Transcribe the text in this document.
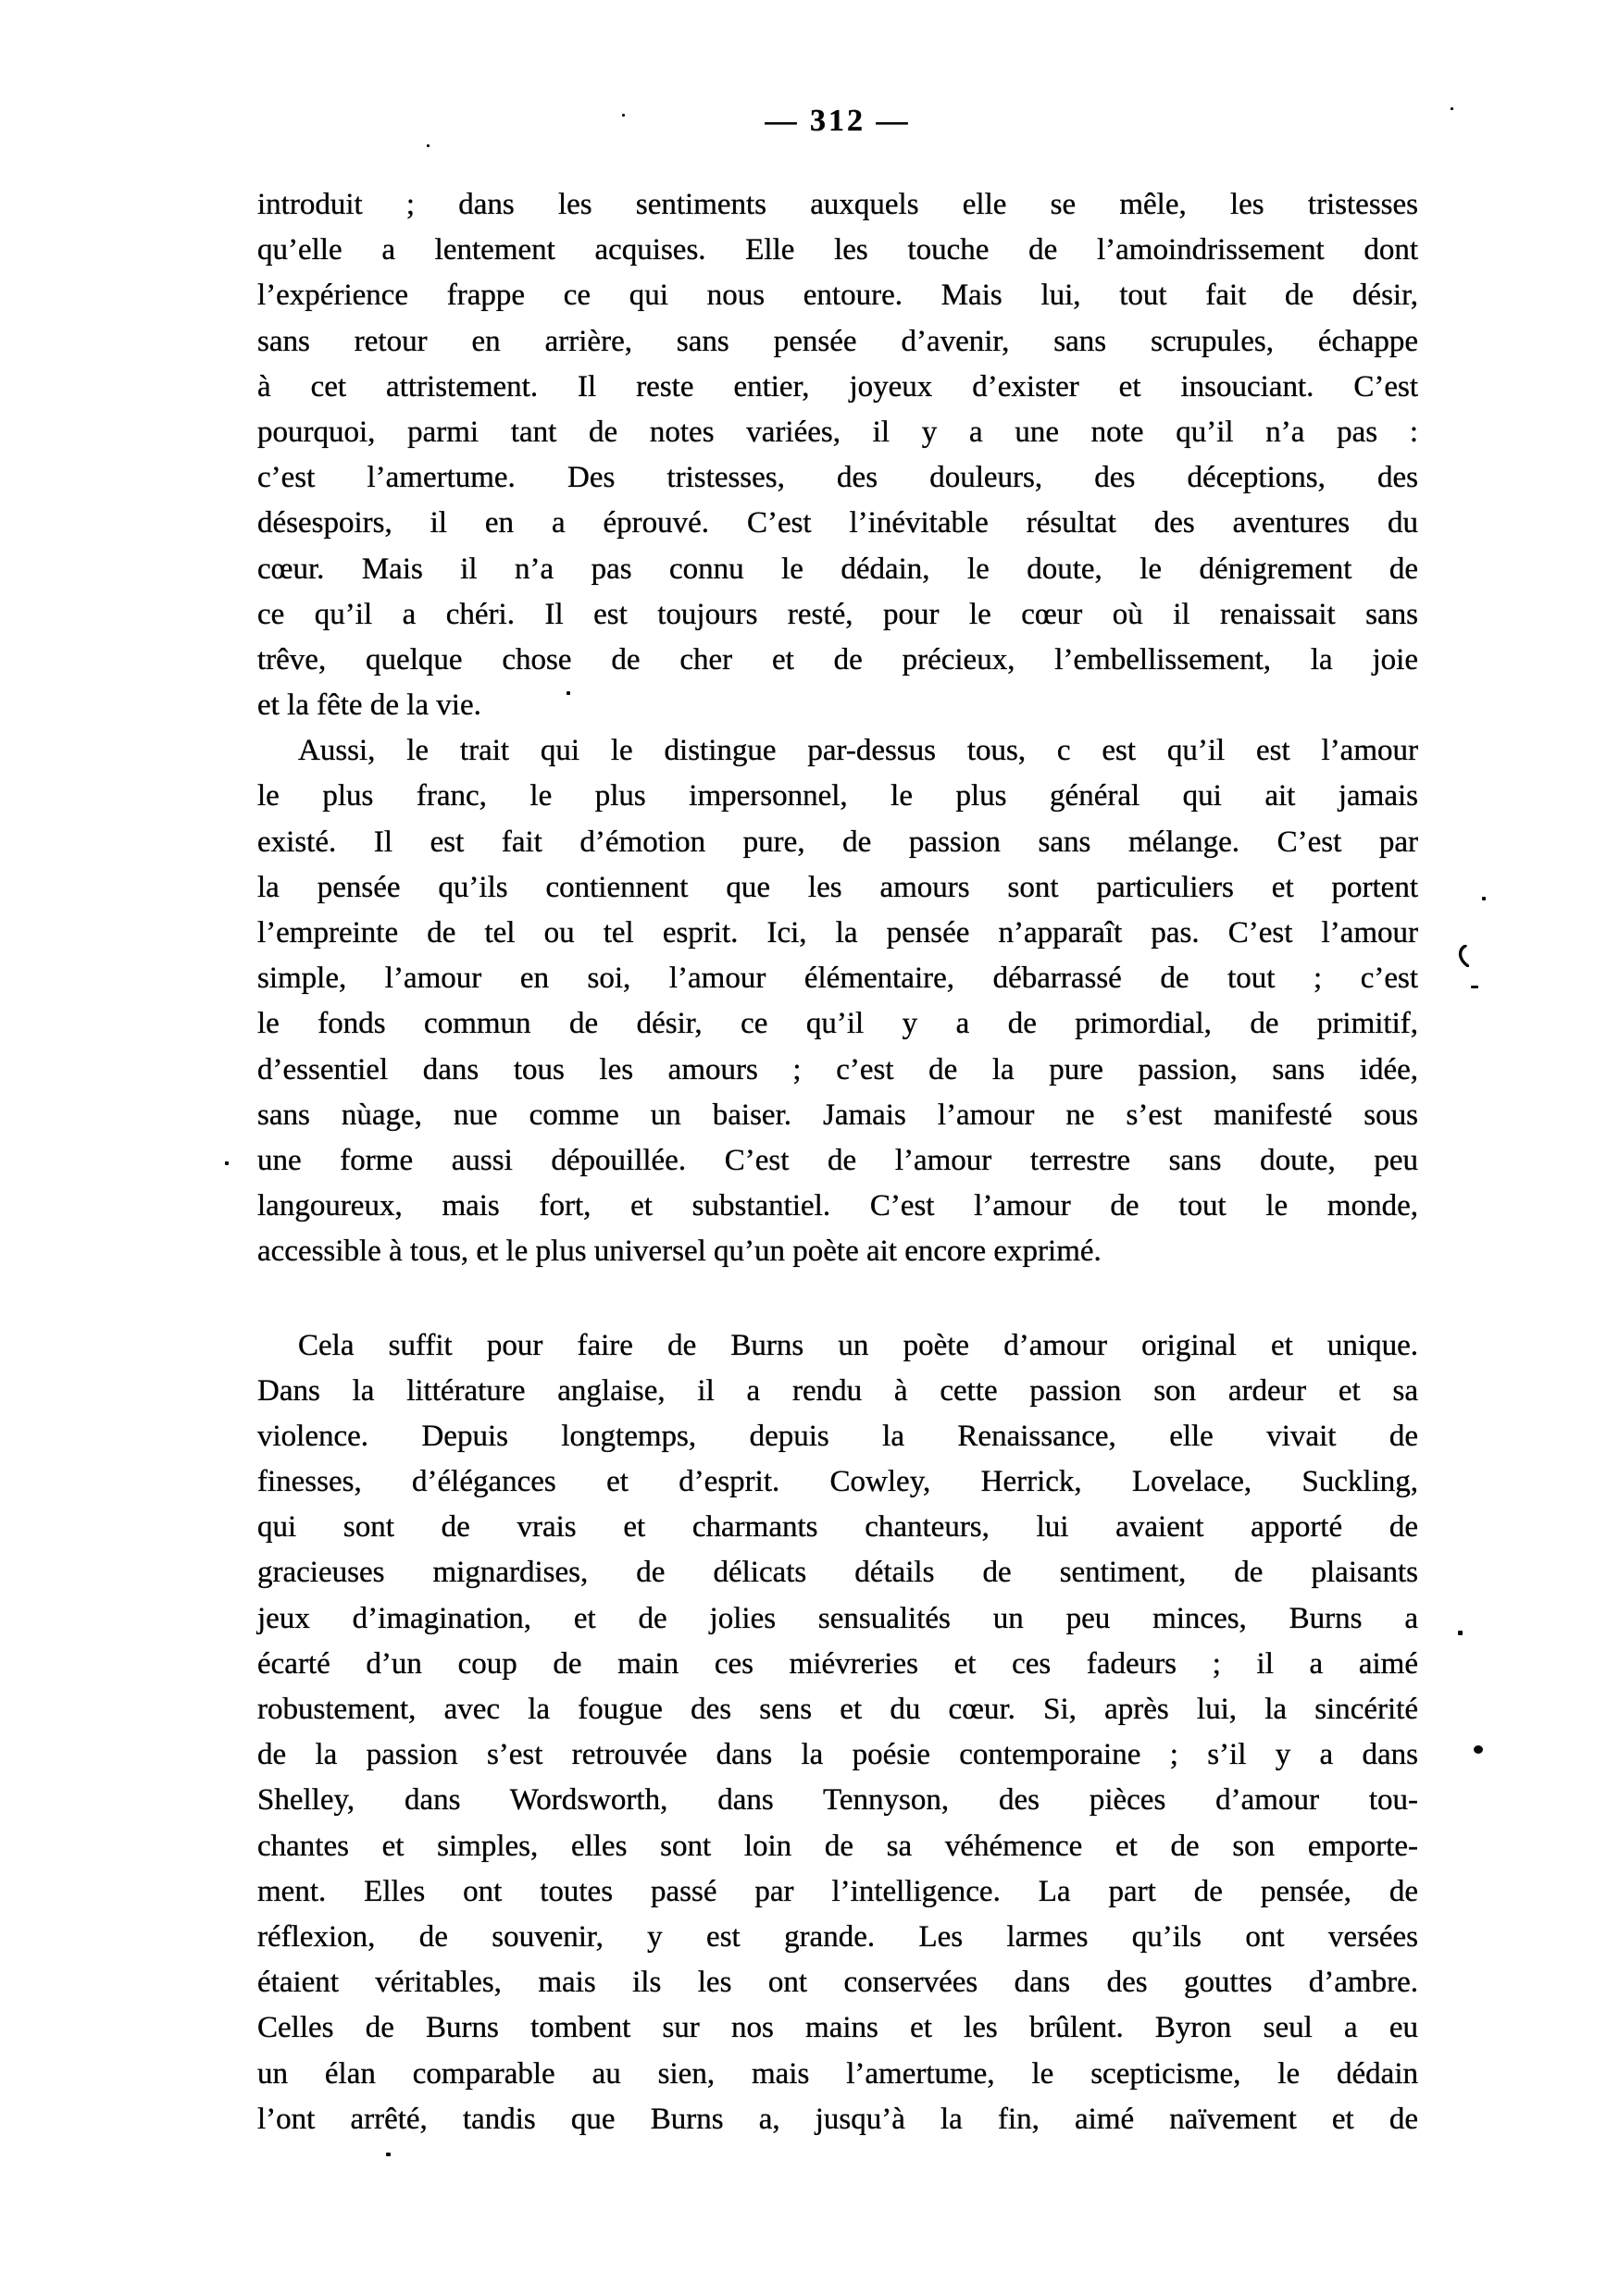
— 312 —
introduit ; dans les sentiments auxquels elle se mêle, les tristesses
qu’elle a lentement acquises. Elle les touche de l’amoindrissement dont
l’expérience frappe ce qui nous entoure. Mais lui, tout fait de désir,
sans retour en arrière, sans pensée d’avenir, sans scrupules, échappe
à cet attristement. Il reste entier, joyeux d’exister et insouciant. C’est
pourquoi, parmi tant de notes variées, il y a une note qu’il n’a pas :
c’est l’amertume. Des tristesses, des douleurs, des déceptions, des
désespoirs, il en a éprouvé. C’est l’inévitable résultat des aventures du
cœur. Mais il n’a pas connu le dédain, le doute, le dénigrement de
ce qu’il a chéri. Il est toujours resté, pour le cœur où il renaissait sans
trêve, quelque chose de cher et de précieux, l’embellissement, la joie
et la fête de la vie.
Aussi, le trait qui le distingue par-dessus tous, c est qu’il est l’amour
le plus franc, le plus impersonnel, le plus général qui ait jamais
existé. Il est fait d’émotion pure, de passion sans mélange. C’est par
la pensée qu’ils contiennent que les amours sont particuliers et portent
l’empreinte de tel ou tel esprit. Ici, la pensée n’apparaît pas. C’est l’amour
simple, l’amour en soi, l’amour élémentaire, débarrassé de tout ; c’est
le fonds commun de désir, ce qu’il y a de primordial, de primitif,
d’essentiel dans tous les amours ; c’est de la pure passion, sans idée,
sans nùage, nue comme un baiser. Jamais l’amour ne s’est manifesté sous
une forme aussi dépouillée. C’est de l’amour terrestre sans doute, peu
langoureux, mais fort, et substantiel. C’est l’amour de tout le monde,
accessible à tous, et le plus universel qu’un poète ait encore exprimé.
Cela suffit pour faire de Burns un poète d’amour original et unique.
Dans la littérature anglaise, il a rendu à cette passion son ardeur et sa
violence. Depuis longtemps, depuis la Renaissance, elle vivait de
finesses, d’élégances et d’esprit. Cowley, Herrick, Lovelace, Suckling,
qui sont de vrais et charmants chanteurs, lui avaient apporté de
gracieuses mignardises, de délicats détails de sentiment, de plaisants
jeux d’imagination, et de jolies sensualités un peu minces, Burns a
écarté d’un coup de main ces miévreries et ces fadeurs ; il a aimé
robustement, avec la fougue des sens et du cœur. Si, après lui, la sincérité
de la passion s’est retrouvée dans la poésie contemporaine ; s’il y a dans
Shelley, dans Wordsworth, dans Tennyson, des pièces d’amour tou-
chantes et simples, elles sont loin de sa véhémence et de son emporte-
ment. Elles ont toutes passé par l’intelligence. La part de pensée, de
réflexion, de souvenir, y est grande. Les larmes qu’ils ont versées
étaient véritables, mais ils les ont conservées dans des gouttes d’ambre.
Celles de Burns tombent sur nos mains et les brûlent. Byron seul a eu
un élan comparable au sien, mais l’amertume, le scepticisme, le dédain
l’ont arrêté, tandis que Burns a, jusqu’à la fin, aimé naïvement et de
